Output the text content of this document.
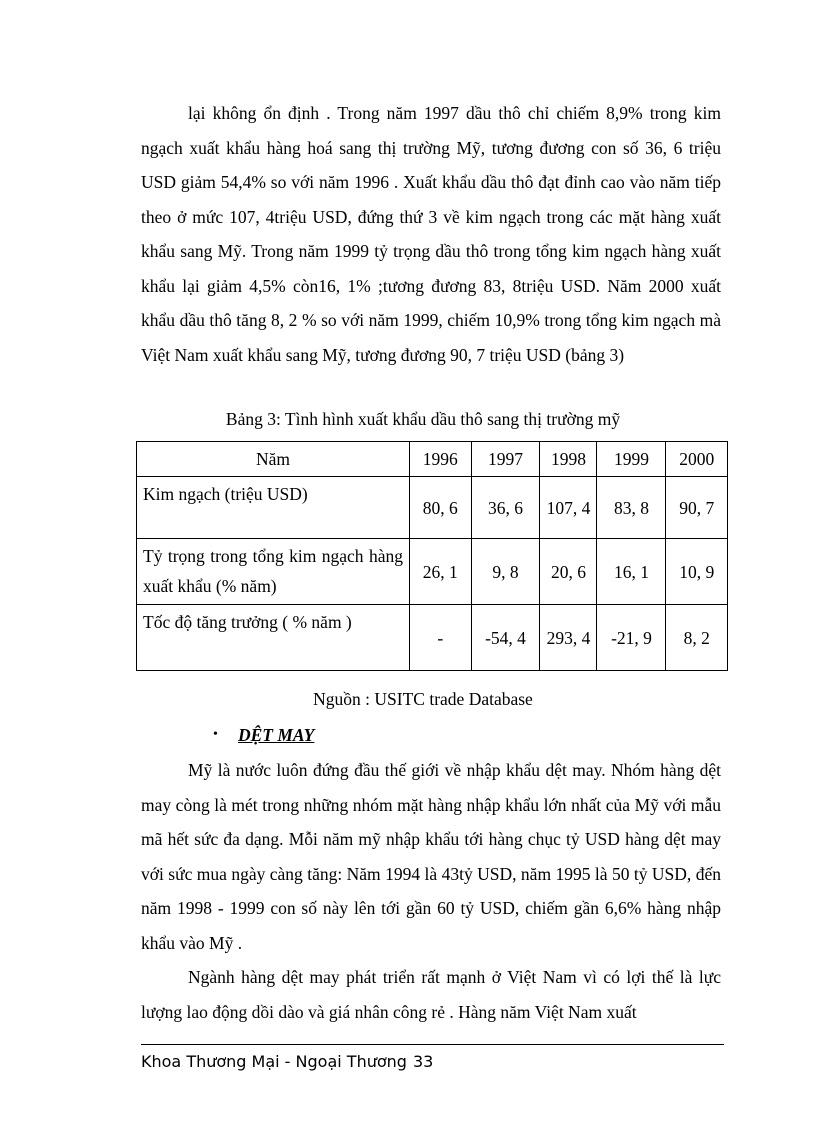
lại không ổn định . Trong năm 1997 dầu thô chỉ chiếm 8,9% trong kim ngạch xuất khẩu hàng hoá sang thị trường Mỹ, tương đương con số 36, 6 triệu USD giảm 54,4% so với năm 1996 . Xuất khẩu dầu thô đạt đỉnh cao vào năm tiếp theo ở mức 107, 4triệu USD, đứng thứ 3 về kim ngạch trong các mặt hàng xuất khẩu sang Mỹ. Trong năm 1999 tỷ trọng dầu thô trong tổng kim ngạch hàng xuất khẩu lại giảm 4,5% còn16, 1% ;tương đương 83, 8triệu USD. Năm 2000 xuất khẩu dầu thô tăng 8, 2 % so với năm 1999, chiếm 10,9% trong tổng kim ngạch mà Việt Nam xuất khẩu sang Mỹ, tương đương 90, 7 triệu USD (bảng 3)

Bảng 3: Tình hình xuất khẩu dầu thô sang thị trường mỹ

Năm	1996	1997	1998	1999	2000
Kim ngạch (triệu USD)	80, 6	36, 6	107, 4	83, 8	90, 7
Tỷ trọng trong tổng kim ngạch hàng xuất khẩu (% năm)	26, 1	9, 8	20, 6	16, 1	10, 9
Tốc độ tăng trưởng ( % năm )	-	-54, 4	293, 4	-21, 9	8, 2
Nguồn : USITC trade Database
•	DỆT MAY

Mỹ là nước luôn đứng đầu thế giới về nhập khẩu dệt may. Nhóm hàng dệt may còng là mét trong những nhóm mặt hàng nhập khẩu lớn nhất của Mỹ với mẫu mã hết sức đa dạng. Mỗi năm mỹ nhập khẩu tới hàng chục tỷ USD hàng dệt may với sức mua ngày càng tăng: Năm 1994 là 43tỷ USD, năm 1995 là 50 tỷ USD, đến năm 1998 - 1999 con số này lên tới gần 60 tỷ USD, chiếm gần 6,6% hàng nhập khẩu vào Mỹ .

Ngành hàng dệt may phát triển rất mạnh ở Việt Nam vì có lợi thế là lực lượng lao động dồi dào và giá nhân công rẻ . Hàng năm Việt Nam xuất

Khoa Thương Mại - Ngoại Thương 33
